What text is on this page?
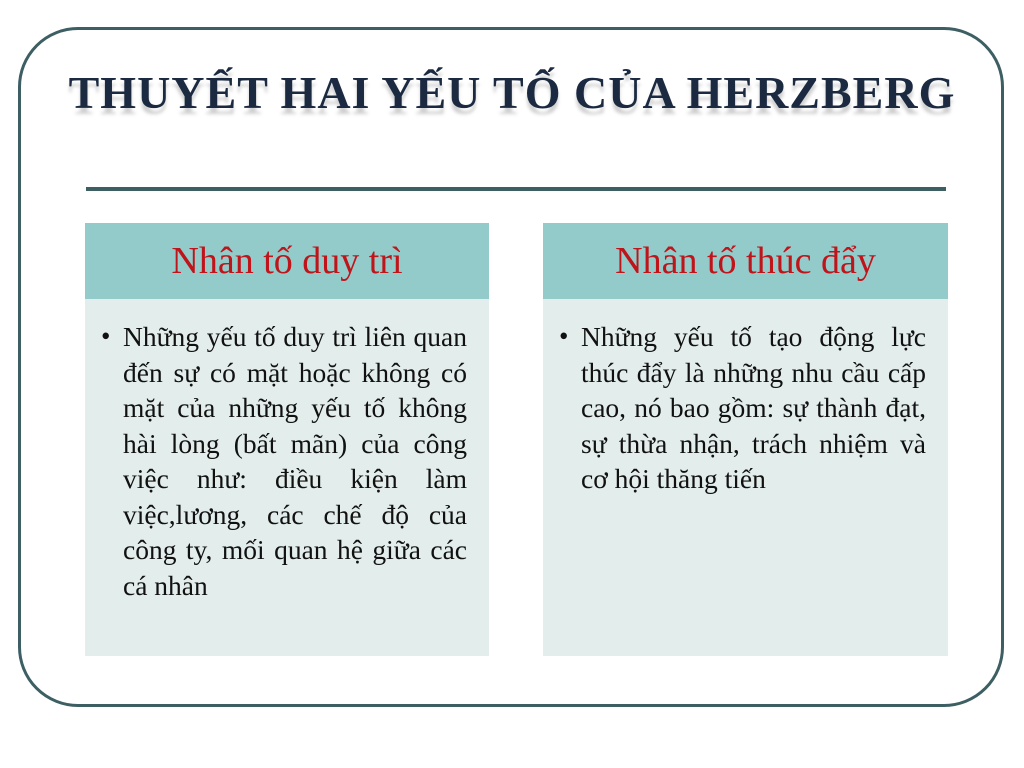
THUYẾT HAI YẾU TỐ CỦA HERZBERG
Nhân tố duy trì
• Những yếu tố duy trì liên quan đến sự có mặt hoặc không có mặt của những yếu tố không hài lòng (bất mãn) của công việc như: điều kiện làm việc,lương, các chế độ của công ty, mối quan hệ giữa các cá nhân
Nhân tố thúc đẩy
• Những yếu tố tạo động lực thúc đẩy là những nhu cầu cấp cao, nó bao gồm: sự thành đạt, sự thừa nhận, trách nhiệm và cơ hội thăng tiến
